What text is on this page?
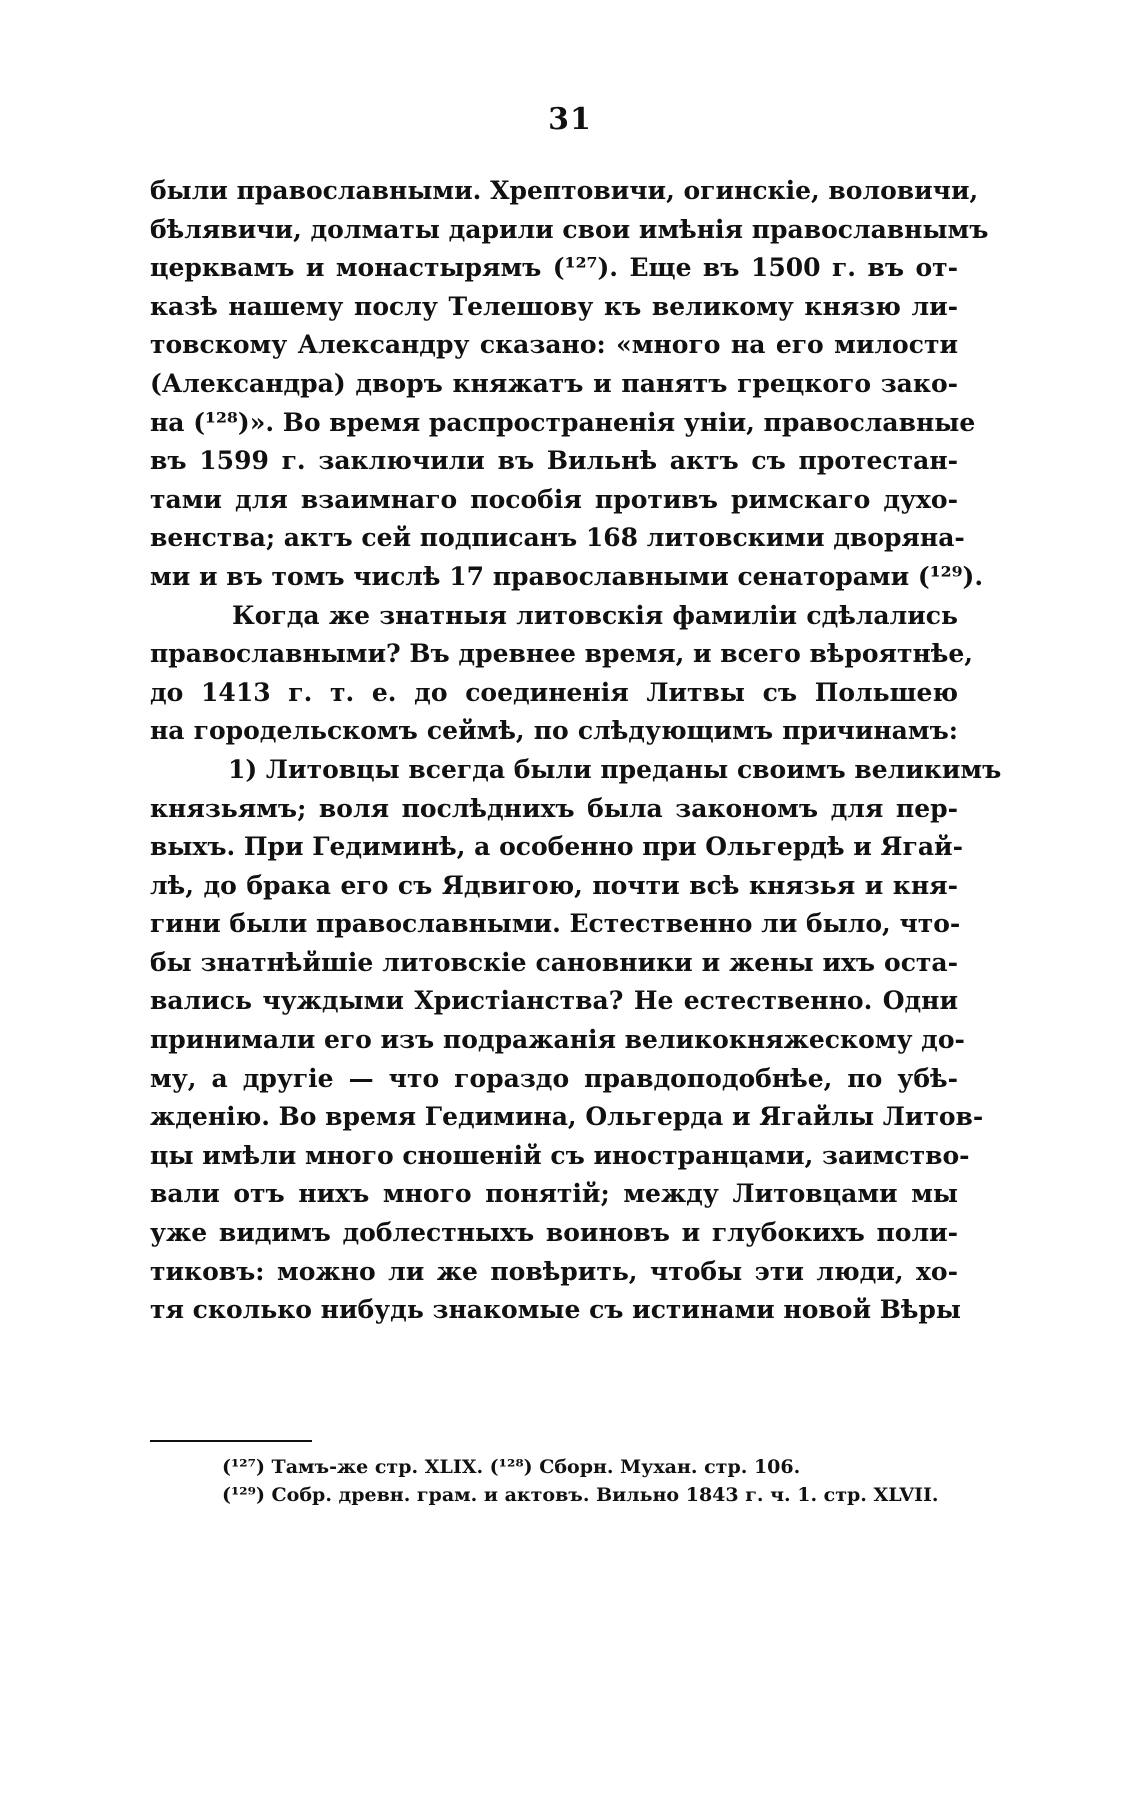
31
были православными. Хрептовичи, огинскіе, воловичи,
бѣлявичи, долматы дарили свои имѣнія православнымъ
церквамъ и монастырямъ (¹²⁷). Еще въ 1500 г. въ от-
казѣ нашему послу Телешову къ великому князю ли-
товскому Александру сказано: «много на его милости
(Александра) дворъ княжатъ и панятъ грецкого зако-
на (¹²⁸)». Во время распространенія уніи, православные
въ 1599 г. заключили въ Вильнѣ актъ съ протестан-
тами для взаимнаго пособія противъ римскаго духо-
венства; актъ сей подписанъ 168 литовскими дворяна-
ми и въ томъ числѣ 17 православными сенаторами (¹²⁹).
Когда же знатныя литовскія фамиліи сдѣлались
православными? Въ древнее время, и всего вѣроятнѣе,
до 1413 г. т. е. до соединенія Литвы съ Польшею
на городельскомъ сеймѣ, по слѣдующимъ причинамъ:
1) Литовцы всегда были преданы своимъ великимъ
князьямъ; воля послѣднихъ была закономъ для пер-
выхъ. При Гедиминѣ, а особенно при Ольгердѣ и Ягай-
лѣ, до брака его съ Ядвигою, почти всѣ князья и кня-
гини были православными. Естественно ли было, что-
бы знатнѣйшіе литовскіе сановники и жены ихъ оста-
вались чуждыми Христіанства? Не естественно. Одни
принимали его изъ подражанія великокняжескому до-
му, а другіе — что гораздо правдоподобнѣе, по убѣ-
жденію. Во время Гедимина, Ольгерда и Ягайлы Литов-
цы имѣли много сношеній съ иностранцами, заимство-
вали отъ нихъ много понятій; между Литовцами мы
уже видимъ доблестныхъ воиновъ и глубокихъ поли-
тиковъ: можно ли же повѣрить, чтобы эти люди, хо-
тя сколько нибудь знакомые съ истинами новой Вѣры
(¹²⁷) Тамъ-же стр. XLIX. (¹²⁸) Сборн. Мухан. стр. 106.
(¹²⁹) Собр. древн. грам. и актовъ. Вильно 1843 г. ч. 1. стр. XLVII.
